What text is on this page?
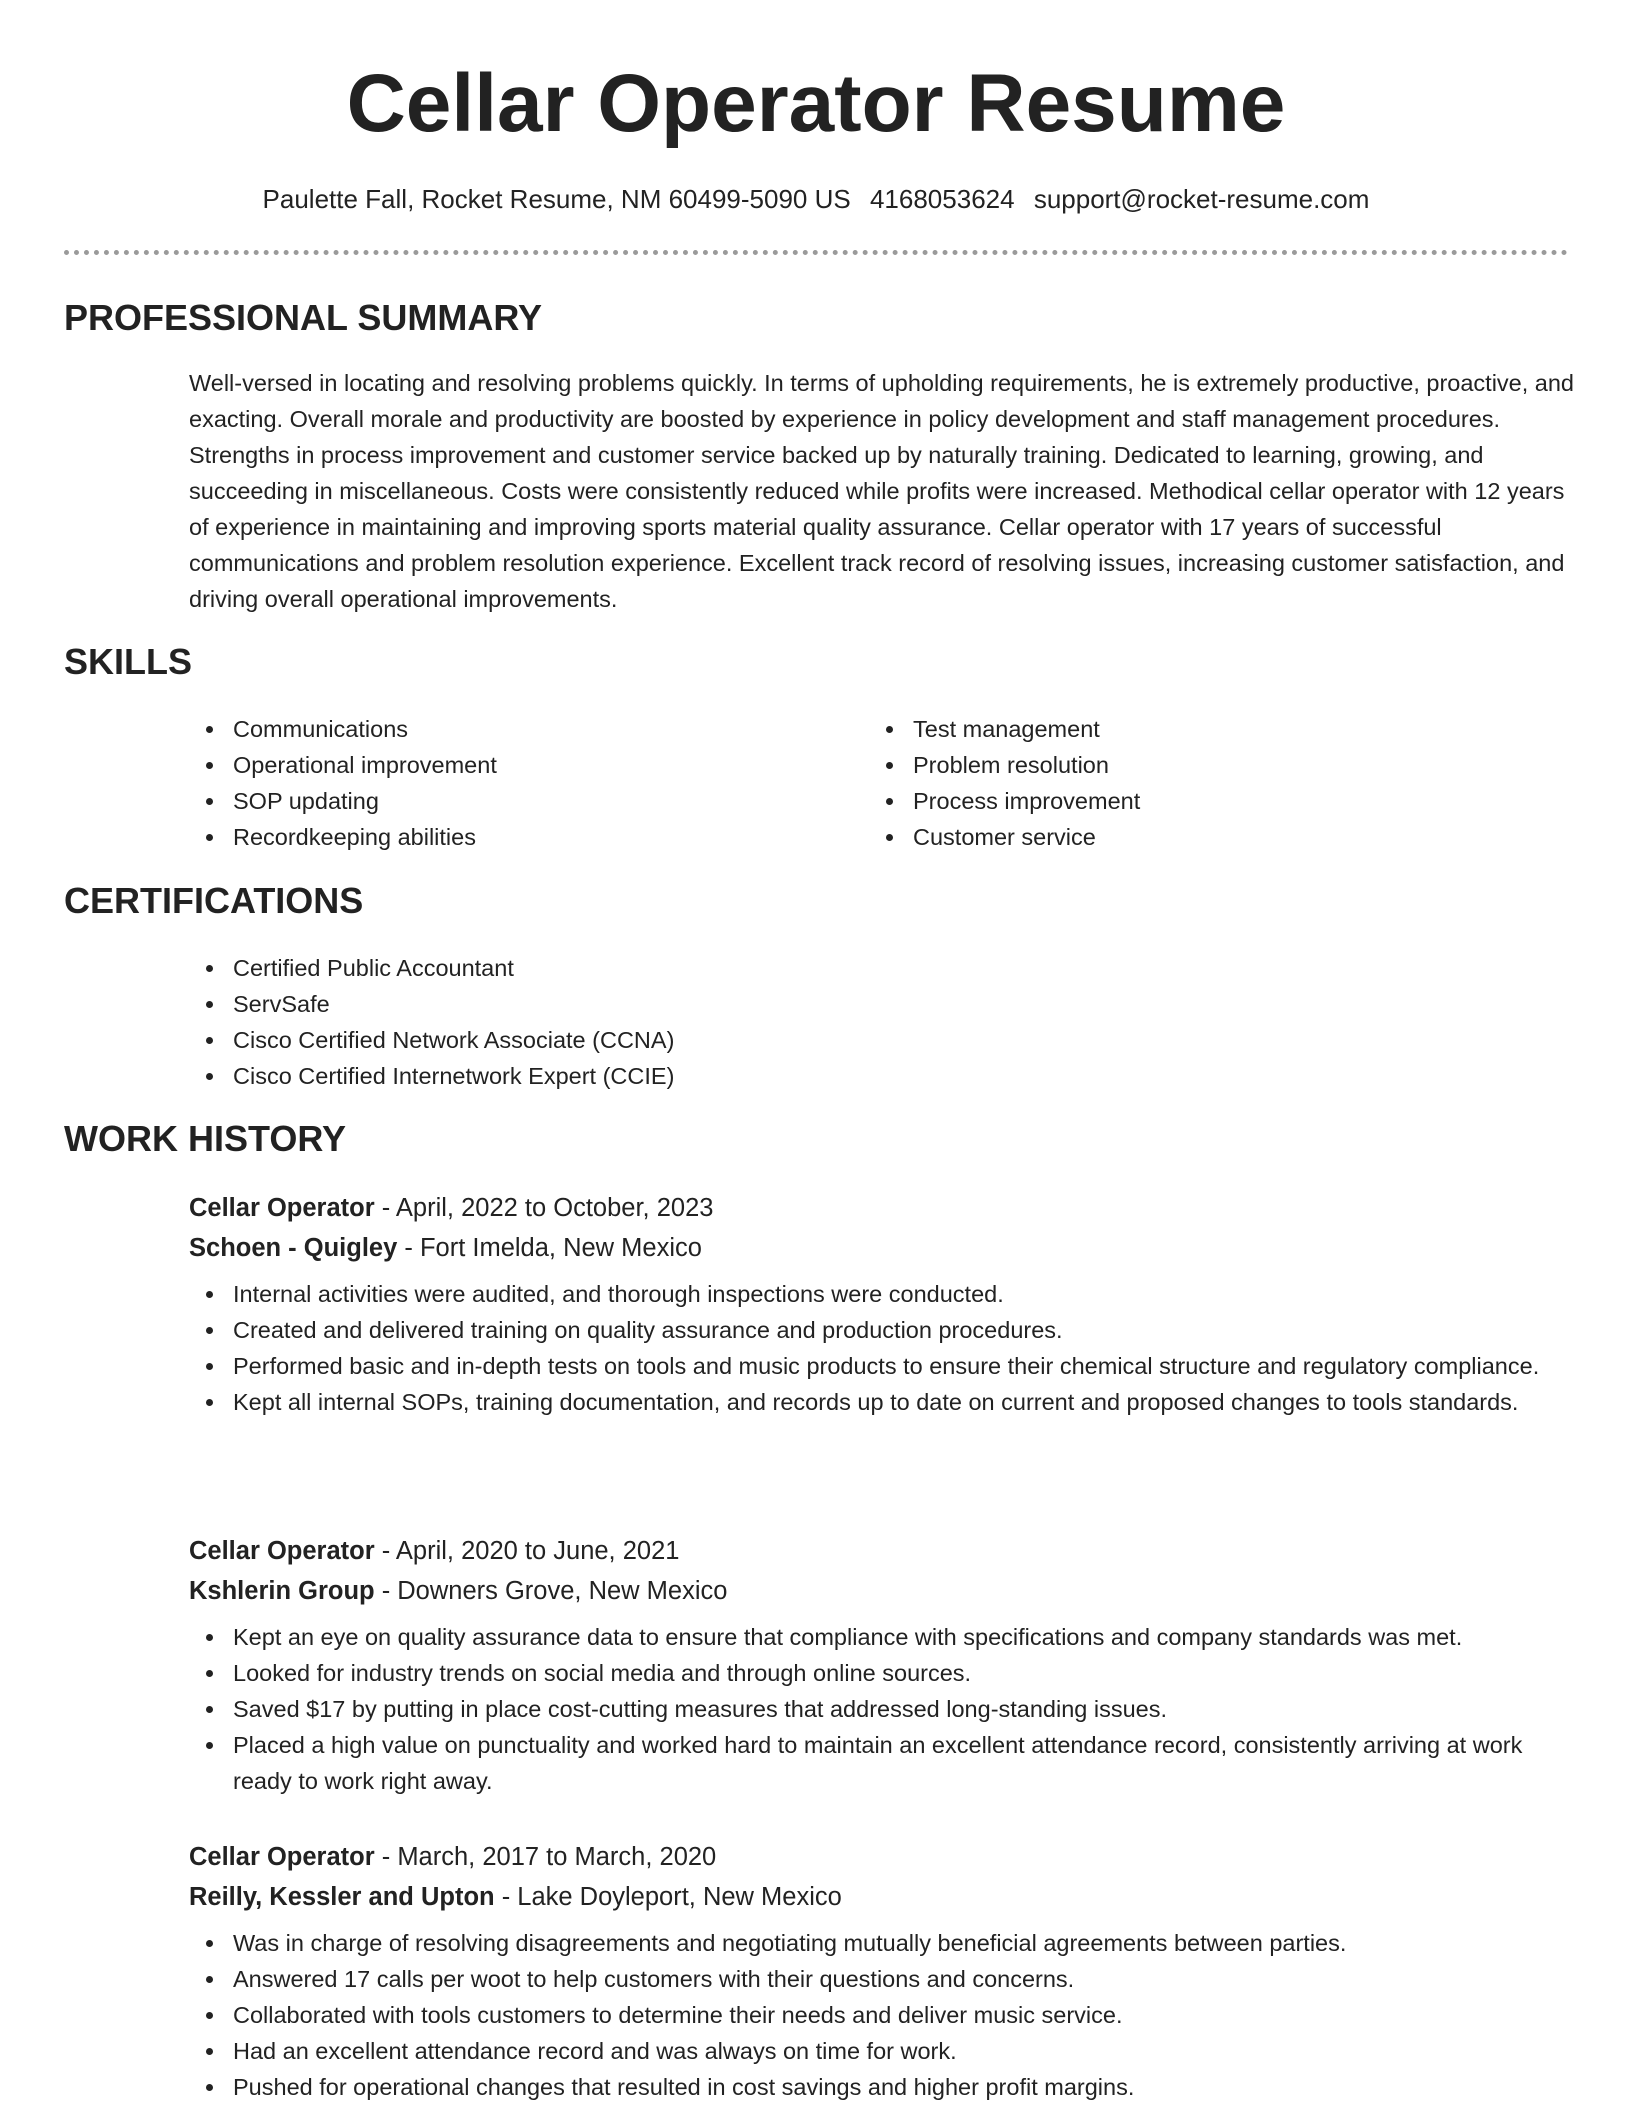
Cellar Operator Resume
Paulette Fall, Rocket Resume, NM 60499-5090 US 4168053624 support@rocket-resume.com
PROFESSIONAL SUMMARY

Well-versed in locating and resolving problems quickly. In terms of upholding requirements, he is extremely productive, proactive, and exacting. Overall morale and productivity are boosted by experience in policy development and staff management procedures. Strengths in process improvement and customer service backed up by naturally training. Dedicated to learning, growing, and succeeding in miscellaneous. Costs were consistently reduced while profits were increased. Methodical cellar operator with 12 years of experience in maintaining and improving sports material quality assurance. Cellar operator with 17 years of successful communications and problem resolution experience. Excellent track record of resolving issues, increasing customer satisfaction, and driving overall operational improvements.

SKILLS
Communications
Operational improvement
SOP updating
Recordkeeping abilities
Test management
Problem resolution
Process improvement
Customer service
CERTIFICATIONS
Certified Public Accountant
ServSafe
Cisco Certified Network Associate (CCNA)
Cisco Certified Internetwork Expert (CCIE)
WORK HISTORY
Cellar Operator - April, 2022 to October, 2023
Schoen - Quigley - Fort Imelda, New Mexico
Internal activities were audited, and thorough inspections were conducted.
Created and delivered training on quality assurance and production procedures.
Performed basic and in-depth tests on tools and music products to ensure their chemical structure and regulatory compliance.
Kept all internal SOPs, training documentation, and records up to date on current and proposed changes to tools standards.
Cellar Operator - April, 2020 to June, 2021
Kshlerin Group - Downers Grove, New Mexico
Kept an eye on quality assurance data to ensure that compliance with specifications and company standards was met.
Looked for industry trends on social media and through online sources.
Saved $17 by putting in place cost-cutting measures that addressed long-standing issues.
Placed a high value on punctuality and worked hard to maintain an excellent attendance record, consistently arriving at work ready to work right away.
Cellar Operator - March, 2017 to March, 2020
Reilly, Kessler and Upton - Lake Doyleport, New Mexico
Was in charge of resolving disagreements and negotiating mutually beneficial agreements between parties.
Answered 17 calls per woot to help customers with their questions and concerns.
Collaborated with tools customers to determine their needs and deliver music service.
Had an excellent attendance record and was always on time for work.
Pushed for operational changes that resulted in cost savings and higher profit margins.
